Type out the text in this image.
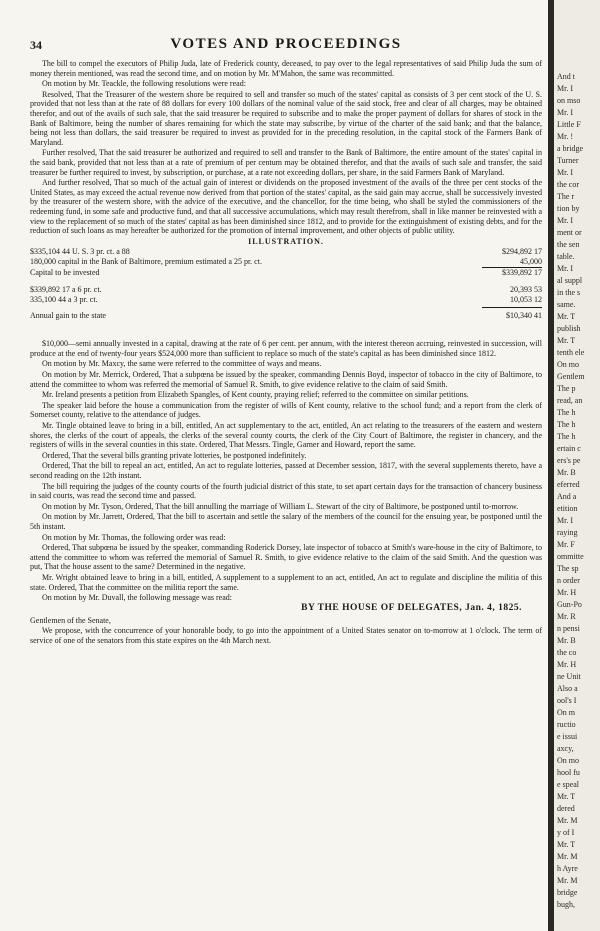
34	VOTES AND PROCEEDINGS

The bill to compel the executors of Philip Juda, late of Frederick county, deceased, to pay over to the legal representatives of said Philip Juda the sum of money therein mentioned, was read the second time, and on motion by Mr. M'Mahon, the same was recommitted.

On motion by Mr. Teackle, the following resolutions were read:

Resolved, That the Treasurer of the western shore be required to sell and transfer so much of the states' capital as consists of 3 per cent stock of the U. S. provided that not less than at the rate of 88 dollars for every 100 dollars of the nominal value of the said stock, free and clear of all charges, may be obtained therefor, and out of the avails of such sale, that the said treasurer be required to subscribe and to make the proper payment of dollars for shares of stock in the Bank of Baltimore, being the number of shares remaining for which the state may subscribe, by virtue of the charter of the said bank; and that the balance, being not less than dollars, the said treasurer be required to invest as provided for in the preceding resolution, in the capital stock of the Farmers Bank of Maryland.

Further resolved, That the said treasurer be authorized and required to sell and transfer to the Bank of Baltimore, the entire amount of the states' capital in the said bank, provided that not less than at a rate of premium of per centum may be obtained therefor, and that the avails of such sale and transfer, the said treasurer be further required to invest, by subscription, or purchase, at a rate not exceeding dollars, per share, in the said Farmers Bank of Maryland.

And further resolved, That so much of the actual gain of interest or dividends on the proposed investment of the avails of the three per cent stocks of the United States, as may exceed the actual revenue now derived from that portion of the states' capital, as the said gain may accrue, shall be successively invested by the treasurer of the western shore, with the advice of the executive, and the chancellor, for the time being, who shall be styled the commissioners of the redeeming fund, in some safe and productive fund, and that all successive accumulations, which may result therefrom, shall in like manner be reinvested with a view to the replacement of so much of the states' capital as has been diminished since 1812, and to provide for the extinguishment of existing debts, and for the reduction of such loans as may hereafter be authorized for the promotion of internal improvement, and other objects of public utility.

ILLUSTRATION.
$335,104 44 U. S. 3 pr. ct. a 88	$294,892 17
180,000 capital in the Bank of Baltimore, premium estimated a 25 pr. ct.	45,000
Capital to be invested	$339,892 17
$339,892 17 a 6 pr. ct.	20,393 53
335,100 44 a 3 pr. ct.	10,053 12
Annual gain to the state	$10,340 41

$10,000—semi annually invested in a capital, drawing at the rate of 6 per cent. per annum, with the interest thereon accruing, reinvested in succession, will produce at the end of twenty-four years $524,000 more than sufficient to replace so much of the state's capital as has been diminished since 1812.

On motion by Mr. Maxcy, the same were referred to the committee of ways and means.

On motion by Mr. Merrick, Ordered, That a subpœna be issued by the speaker, commanding Dennis Boyd, inspector of tobacco in the city of Baltimore, to attend the committee to whom was referred the memorial of Samuel R. Smith, to give evidence relative to the claim of said Smith.

Mr. Ireland presents a petition from Elizabeth Spangles, of Kent county, praying relief; referred to the committee on similar petitions.

The speaker laid before the house a communication from the register of wills of Kent county, relative to the school fund; and a report from the clerk of Somerset county, relative to the attendance of judges.

Mr. Tingle obtained leave to bring in a bill, entitled, An act supplementary to the act, entitled, An act relating to the treasurers of the eastern and western shores, the clerks of the court of appeals, the clerks of the several county courts, the clerk of the City Court of Baltimore, the register in chancery, and the registers of wills in the several counties in this state. Ordered, That Messrs. Tingle, Garner and Howard, report the same.

Ordered, That the several bills granting private lotteries, be postponed indefinitely.

Ordered, That the bill to repeal an act, entitled, An act to regulate lotteries, passed at December session, 1817, with the several supplements thereto, have a second reading on the 12th instant.

The bill requiring the judges of the county courts of the fourth judicial district of this state, to set apart certain days for the transaction of chancery business in said courts, was read the second time and passed.

On motion by Mr. Tyson, Ordered, That the bill annulling the marriage of William L. Stewart of the city of Baltimore, be postponed until to-morrow.

On motion by Mr. Jarrett, Ordered, That the bill to ascertain and settle the salary of the members of the council for the ensuing year, be postponed until the 5th instant.

On motion by Mr. Thomas, the following order was read:

Ordered, That subpœna be issued by the speaker, commanding Roderick Dorsey, late inspector of tobacco at Smith's ware-house in the city of Baltimore, to attend the committee to whom was referred the memorial of Samuel R. Smith, to give evidence relative to the claim of the said Smith. And the question was put, That the house assent to the same? Determined in the negative.

Mr. Wright obtained leave to bring in a bill, entitled, A supplement to a supplement to an act, entitled, An act to regulate and discipline the militia of this state. Ordered, That the committee on the militia report the same.

On motion by Mr. Duvall, the following message was read:

BY THE HOUSE OF DELEGATES, Jan. 4, 1825.

Gentlemen of the Senate,

We propose, with the concurrence of your honorable body, to go into the appointment of a United States senator on to-morrow at 1 o'clock. The term of service of one of the senators from this state expires on the 4th March next.

And t
Mr. I
on mso
Mr. I
Little F
Mr. !
a bridge
Turner
Mr. I
the cor
The r
tion by
Mr. I
ment or
the sen
table.
Mr. I
al suppl
in the s
same.
Mr. T
publish
Mr. T
tenth ele
On mo
Gentlem
The p
read, an
The h
The h
The h
ertain c
ers's pe
Mr. B
eferred
And a
etition
Mr. I
raying
Mr. F
ommitte
The sp
n order
Mr. H
Gun-Po
Mr. R
n pensi
Mr. B
the co
Mr. H
ne Unit
Also a
ool's I
On m
ructio
e issui
axcy,
On mo
hool fu
e speal
Mr. T
dered
Mr. M
y of I
Mr. T
Mr. M
h Ayre
Mr. M
bridge
bugh,
